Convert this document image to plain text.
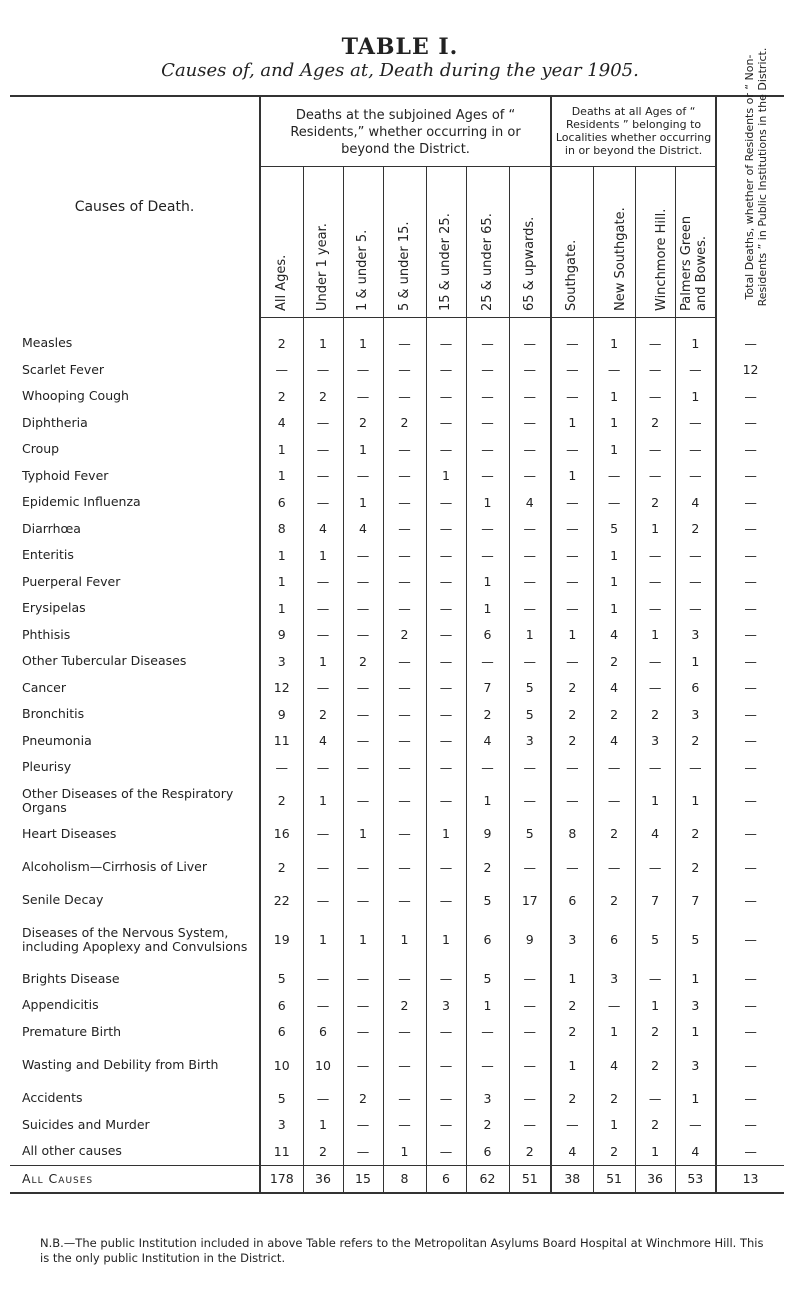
TABLE I.
Causes of, and Ages at, Death during the year 1905.
Causes of Death.	Deaths at the subjoined Ages of “ Residents,” whether occurring in or beyond the District.							Deaths at all Ages of “ Residents ” belonging to Localities whether occurring in or beyond the District.				Total Deaths, whether of Residents or “ Non-Residents ” in Public Institutions in the District.

	All Ages.	Under 1 year.	1 & under 5.	5 & under 15.	15 & under 25.	25 & under 65.	65 & upwards.	Southgate.	New Southgate.	Winchmore Hill.	Palmers Green and Bowes.	

Measles	2	1	1	—	—	—	—	—	1	—	1	—
Scarlet Fever	—	—	—	—	—	—	—	—	—	—	—	12
Whooping Cough	2	2	—	—	—	—	—	—	1	—	1	—
Diphtheria	4	—	2	2	—	—	—	1	1	2	—	—
Croup	1	—	1	—	—	—	—	—	1	—	—	—
Typhoid Fever	1	—	—	—	1	—	—	1	—	—	—	—
Epidemic Influenza	6	—	1	—	—	1	4	—	—	2	4	—
Diarrhœa	8	4	4	—	—	—	—	—	5	1	2	—
Enteritis	1	1	—	—	—	—	—	—	1	—	—	—
Puerperal Fever	1	—	—	—	—	1	—	—	1	—	—	—
Erysipelas	1	—	—	—	—	1	—	—	1	—	—	—
Phthisis	9	—	—	2	—	6	1	1	4	1	3	—
Other Tubercular Diseases	3	1	2	—	—	—	—	—	2	—	1	—
Cancer	12	—	—	—	—	7	5	2	4	—	6	—
Bronchitis	9	2	—	—	—	2	5	2	2	2	3	—
Pneumonia	11	4	—	—	—	4	3	2	4	3	2	—
Pleurisy	—	—	—	—	—	—	—	—	—	—	—	—
Other Diseases of the Respiratory Organs	2	1	—	—	—	1	—	—	—	1	1	—
Heart Diseases	16	—	1	—	1	9	5	8	2	4	2	—
Alcoholism—Cirrhosis of Liver	2	—	—	—	—	2	—	—	—	—	2	—
Senile Decay	22	—	—	—	—	5	17	6	2	7	7	—
Diseases of the Nervous System, including Apoplexy and Convulsions	19	1	1	1	1	6	9	3	6	5	5	—
Brights Disease	5	—	—	—	—	5	—	1	3	—	1	—
Appendicitis	6	—	—	2	3	1	—	2	—	1	3	—
Premature Birth	6	6	—	—	—	—	—	2	1	2	1	—
Wasting and Debility from Birth	10	10	—	—	—	—	—	1	4	2	3	—
Accidents	5	—	2	—	—	3	—	2	2	—	1	—
Suicides and Murder	3	1	—	—	—	2	—	—	1	2	—	—
All other causes	11	2	—	1	—	6	2	4	2	1	4	—
All Causes	178	36	15	8	6	62	51	38	51	36	53	13
N.B.—The public Institution included in above Table refers to the Metropolitan Asylums Board Hospital at Winchmore Hill. This is the only public Institution in the District.
